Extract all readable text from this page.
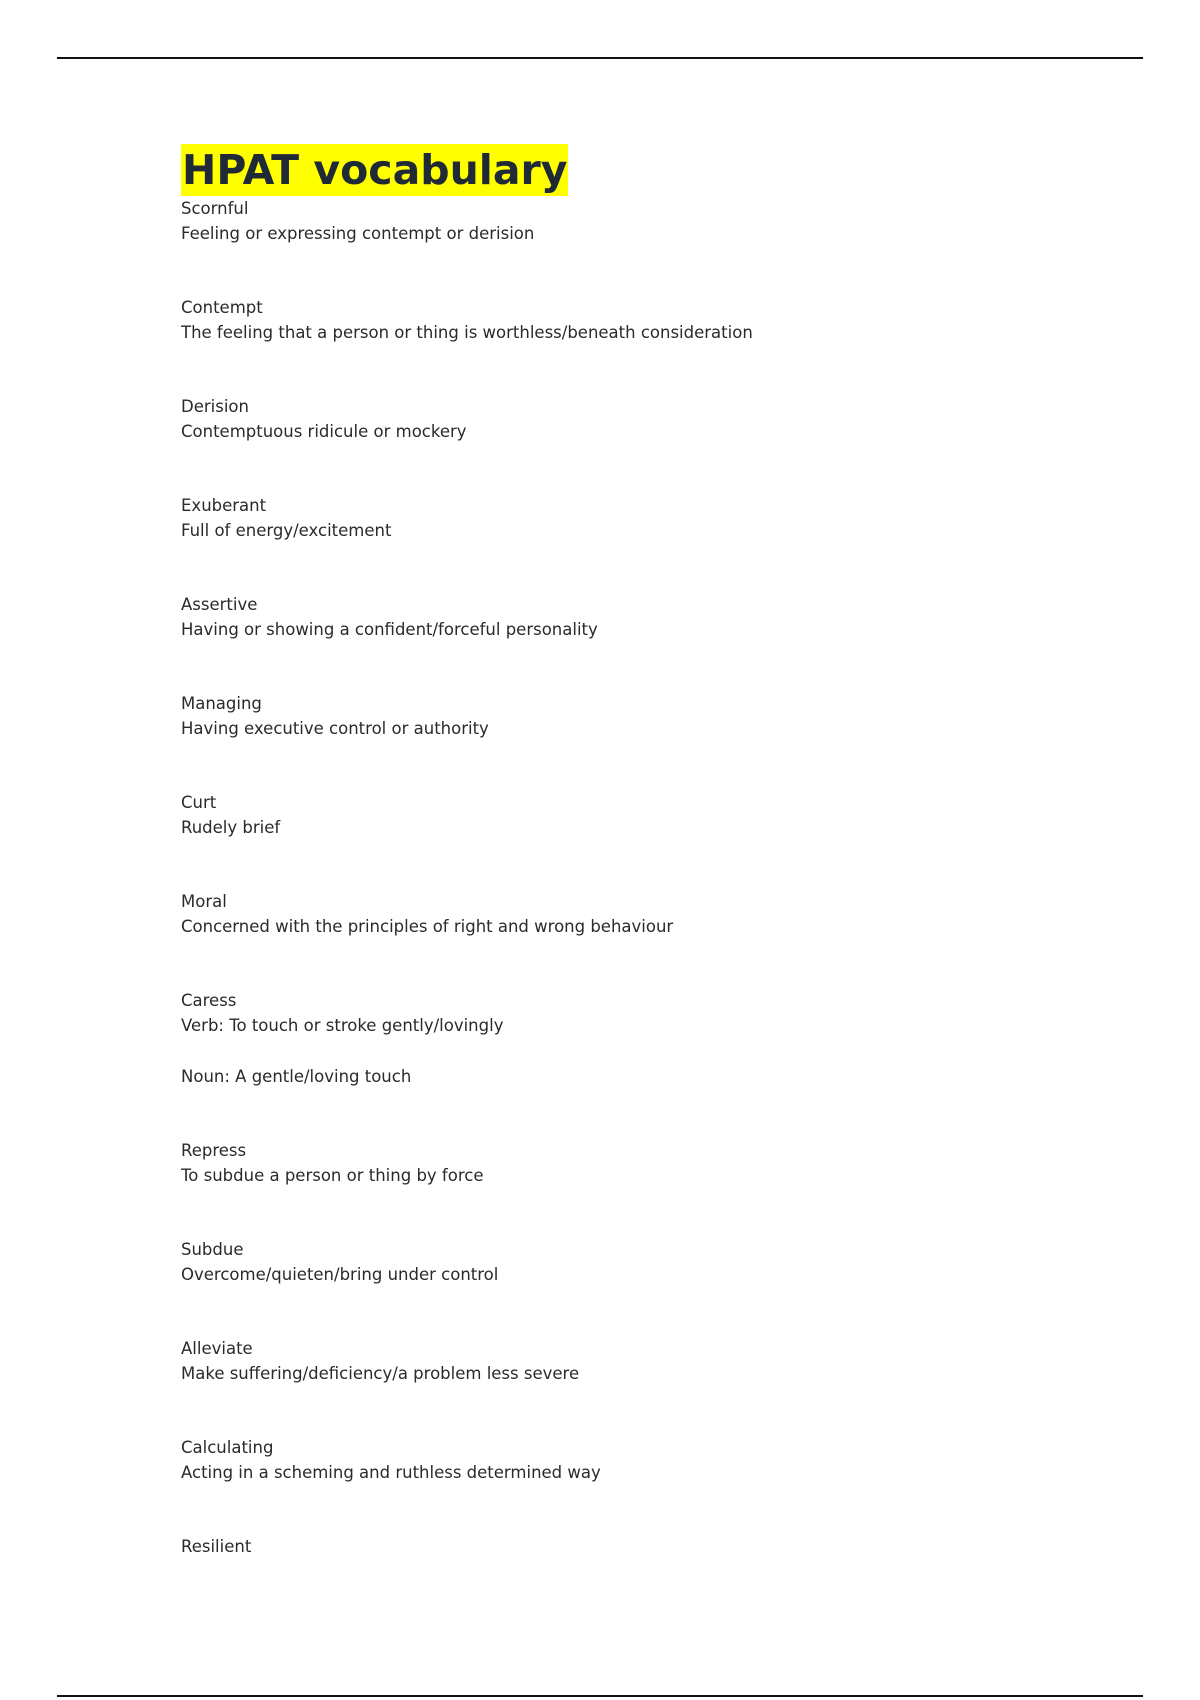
HPAT vocabulary
Scornful
Feeling or expressing contempt or derision
Contempt
The feeling that a person or thing is worthless/beneath consideration
Derision
Contemptuous ridicule or mockery
Exuberant
Full of energy/excitement
Assertive
Having or showing a confident/forceful personality
Managing
Having executive control or authority
Curt
Rudely brief
Moral
Concerned with the principles of right and wrong behaviour
Caress
Verb: To touch or stroke gently/lovingly
Noun: A gentle/loving touch
Repress
To subdue a person or thing by force
Subdue
Overcome/quieten/bring under control
Alleviate
Make suffering/deficiency/a problem less severe
Calculating
Acting in a scheming and ruthless determined way
Resilient
